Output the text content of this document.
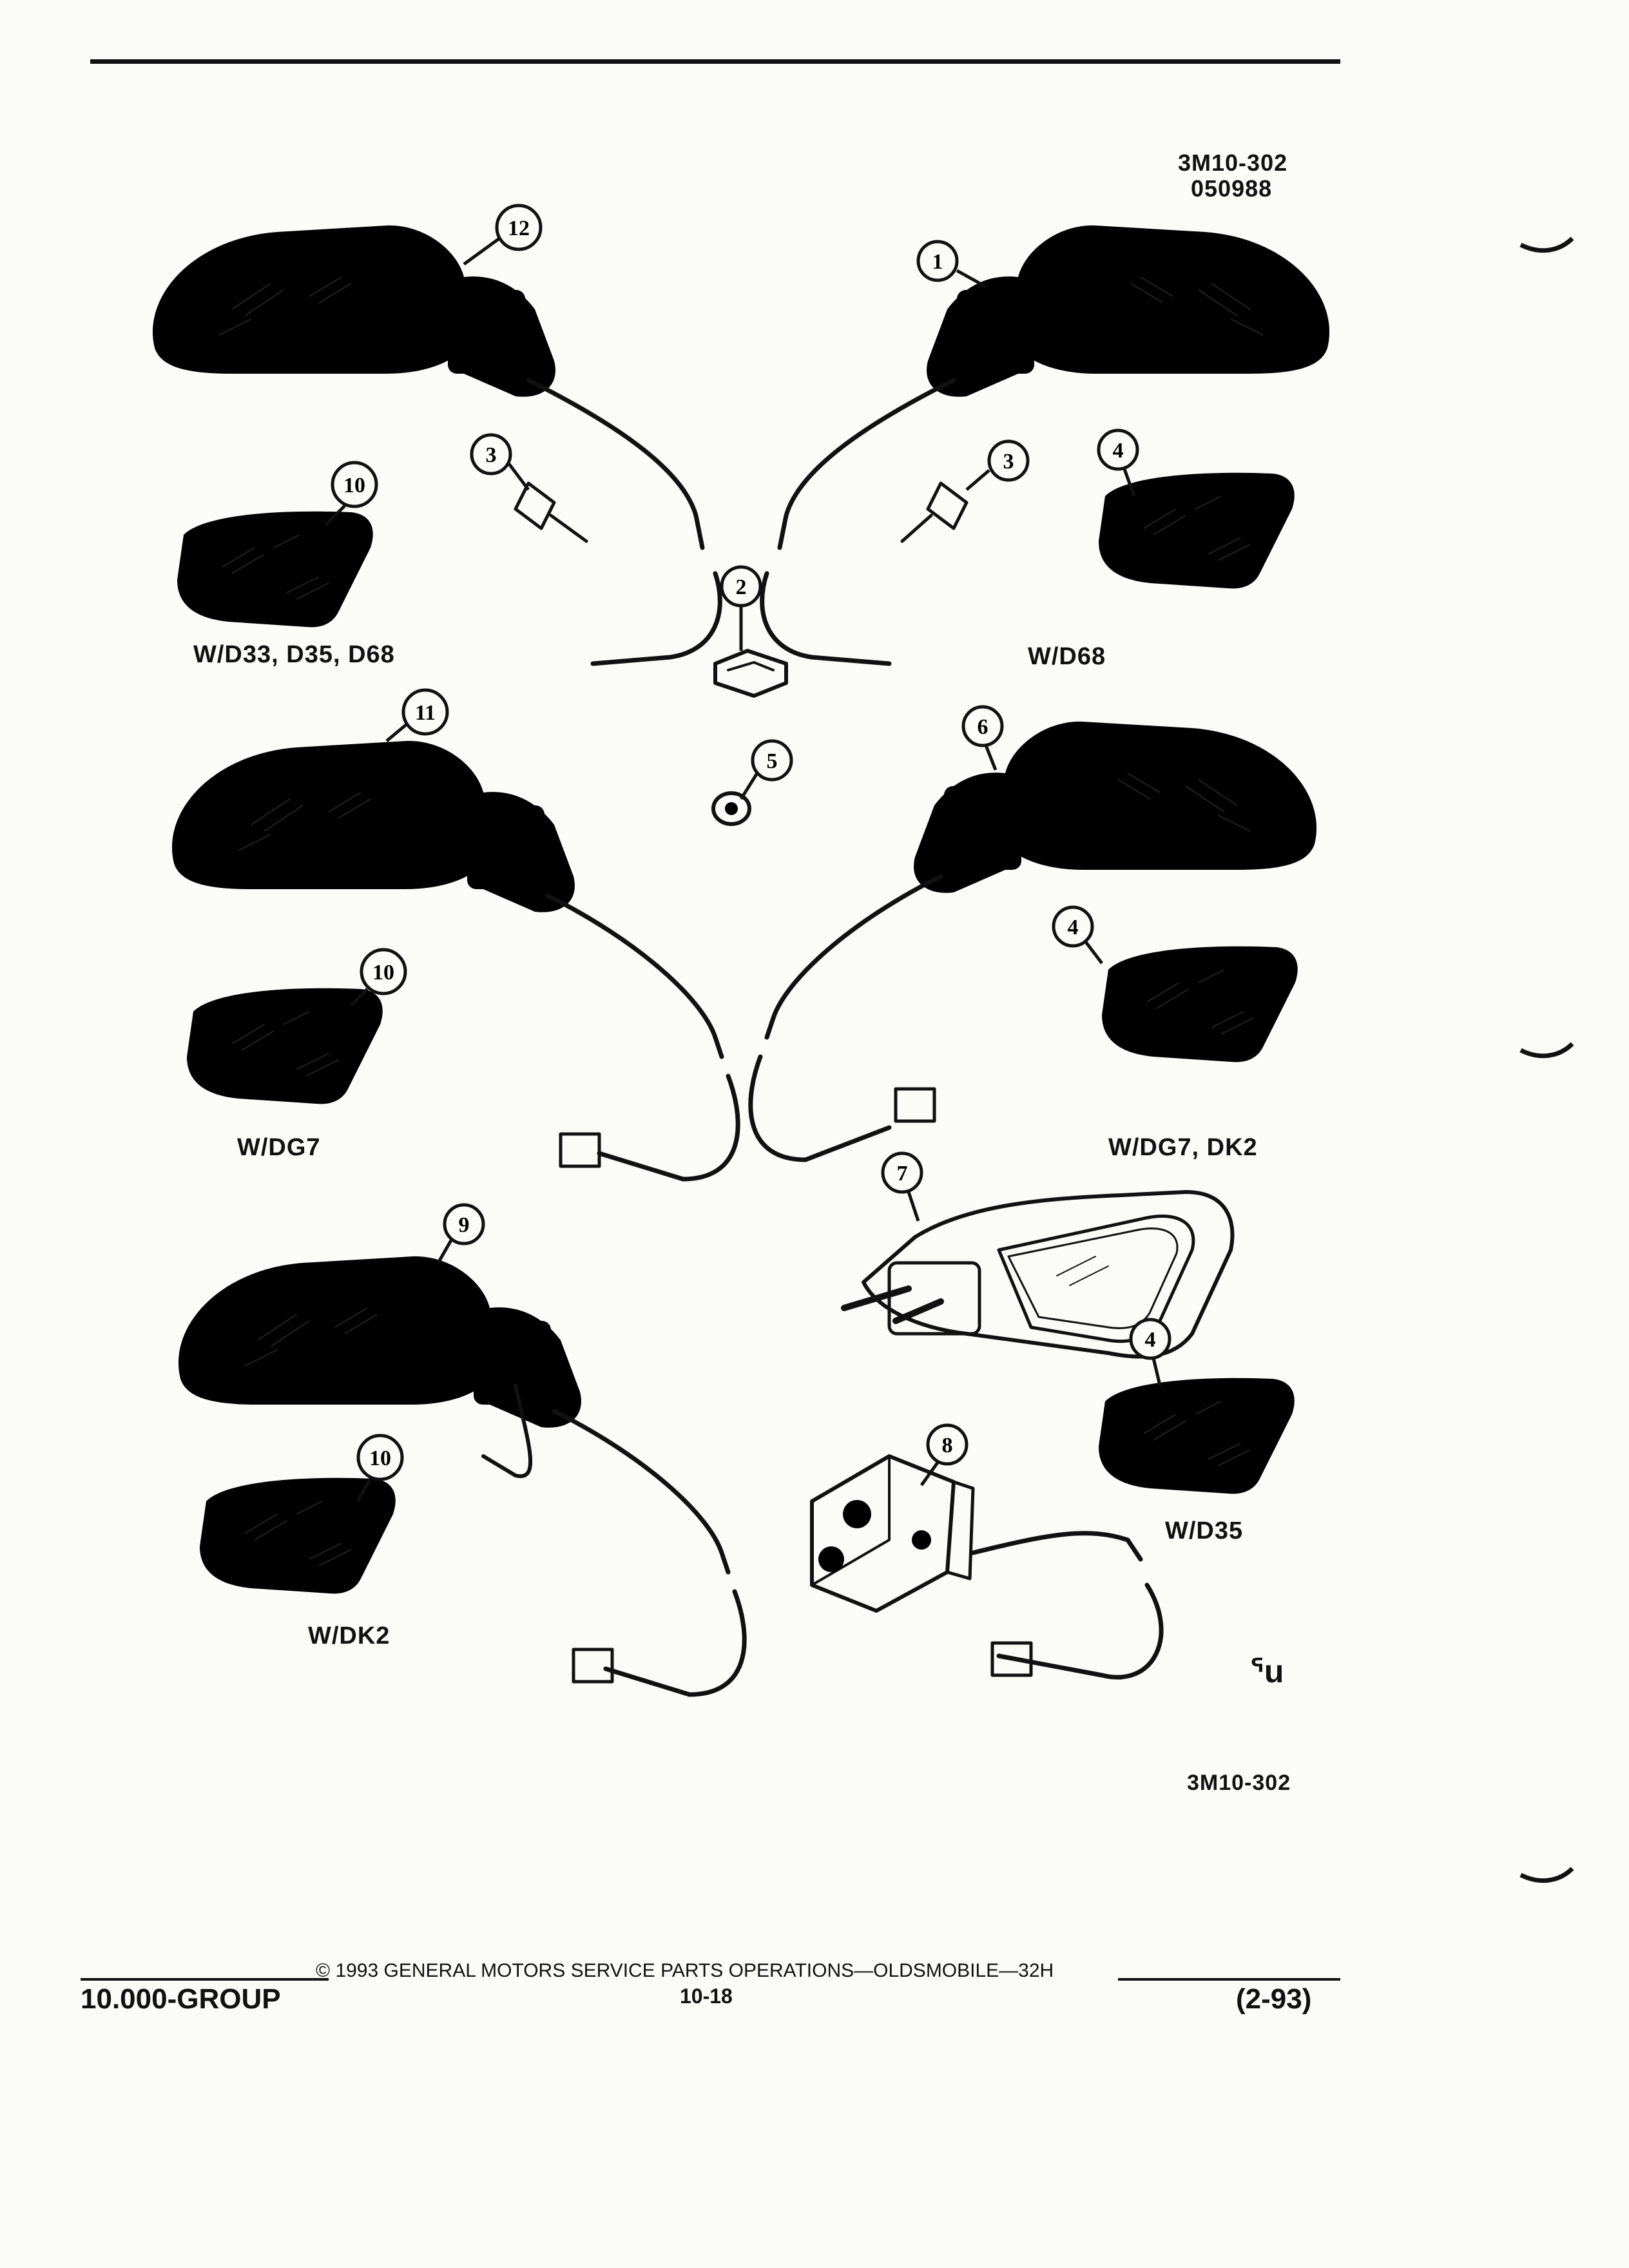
3M10-302
050988
12
1
3	3	4
10
2
11
6
5
4
10
7
9
4
8
10
W/D33, D35, D68	W/D68
W/DG7	W/DG7, DK2
W/DK2
W/D35
ᕐu
3M10-302
© 1993 GENERAL MOTORS SERVICE PARTS OPERATIONS—OLDSMOBILE—32H
10.000-GROUP	10-18	(2-93)
